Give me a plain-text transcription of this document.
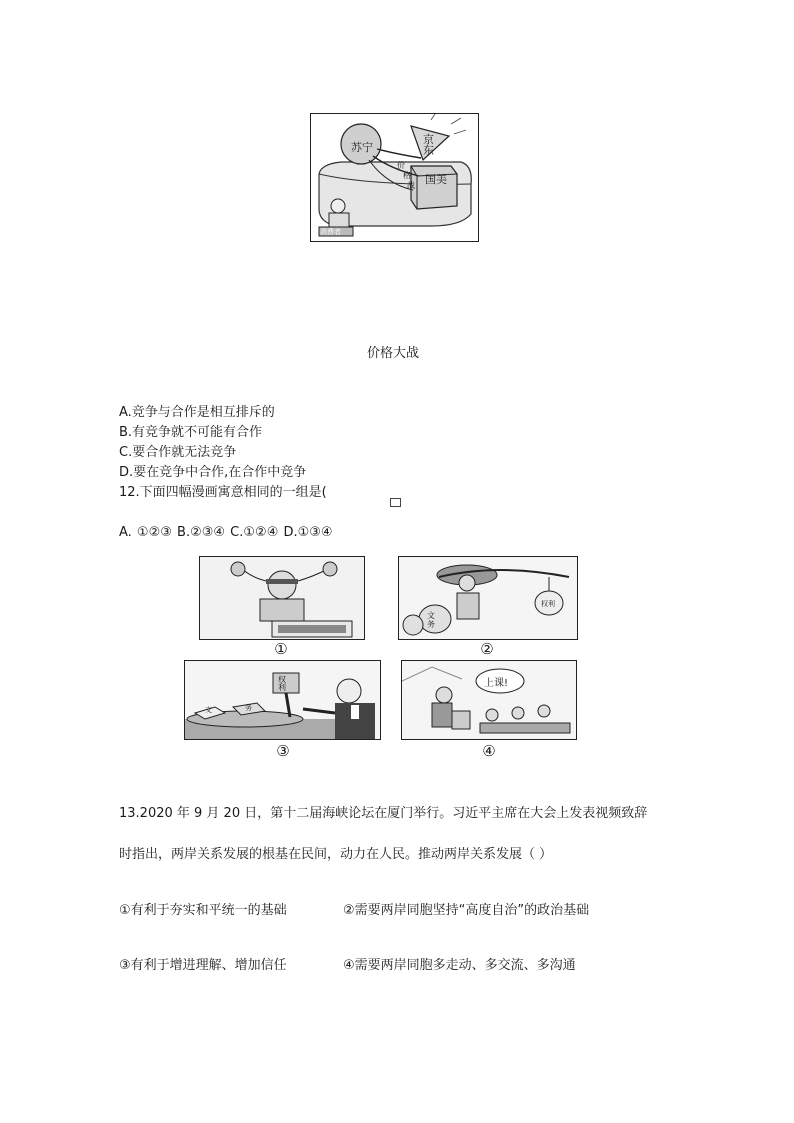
苏宁
京东
国美
价
格
战
消费者
价格大战
A.竞争与合作是相互排斥的
B.有竞争就不可能有合作
C.要合作就无法竞争
D.要在竞争中合作,在合作中竞争
12.下面四幅漫画寓意相同的一组是(
A. ①②③ B.②③④ C.①②④ D.①③④
①
文务
权利
②
文	务
权利
③
上课!
④
13.2020 年 9 月 20 日，第十二届海峡论坛在厦门举行。习近平主席在大会上发表视频致辞
时指出，两岸关系发展的根基在民间，动力在人民。推动两岸关系发展（ ）
①有利于夯实和平统一的基础	②需要两岸同胞坚持“高度自治”的政治基础
③有利于增进理解、增加信任	④需要两岸同胞多走动、多交流、多沟通
